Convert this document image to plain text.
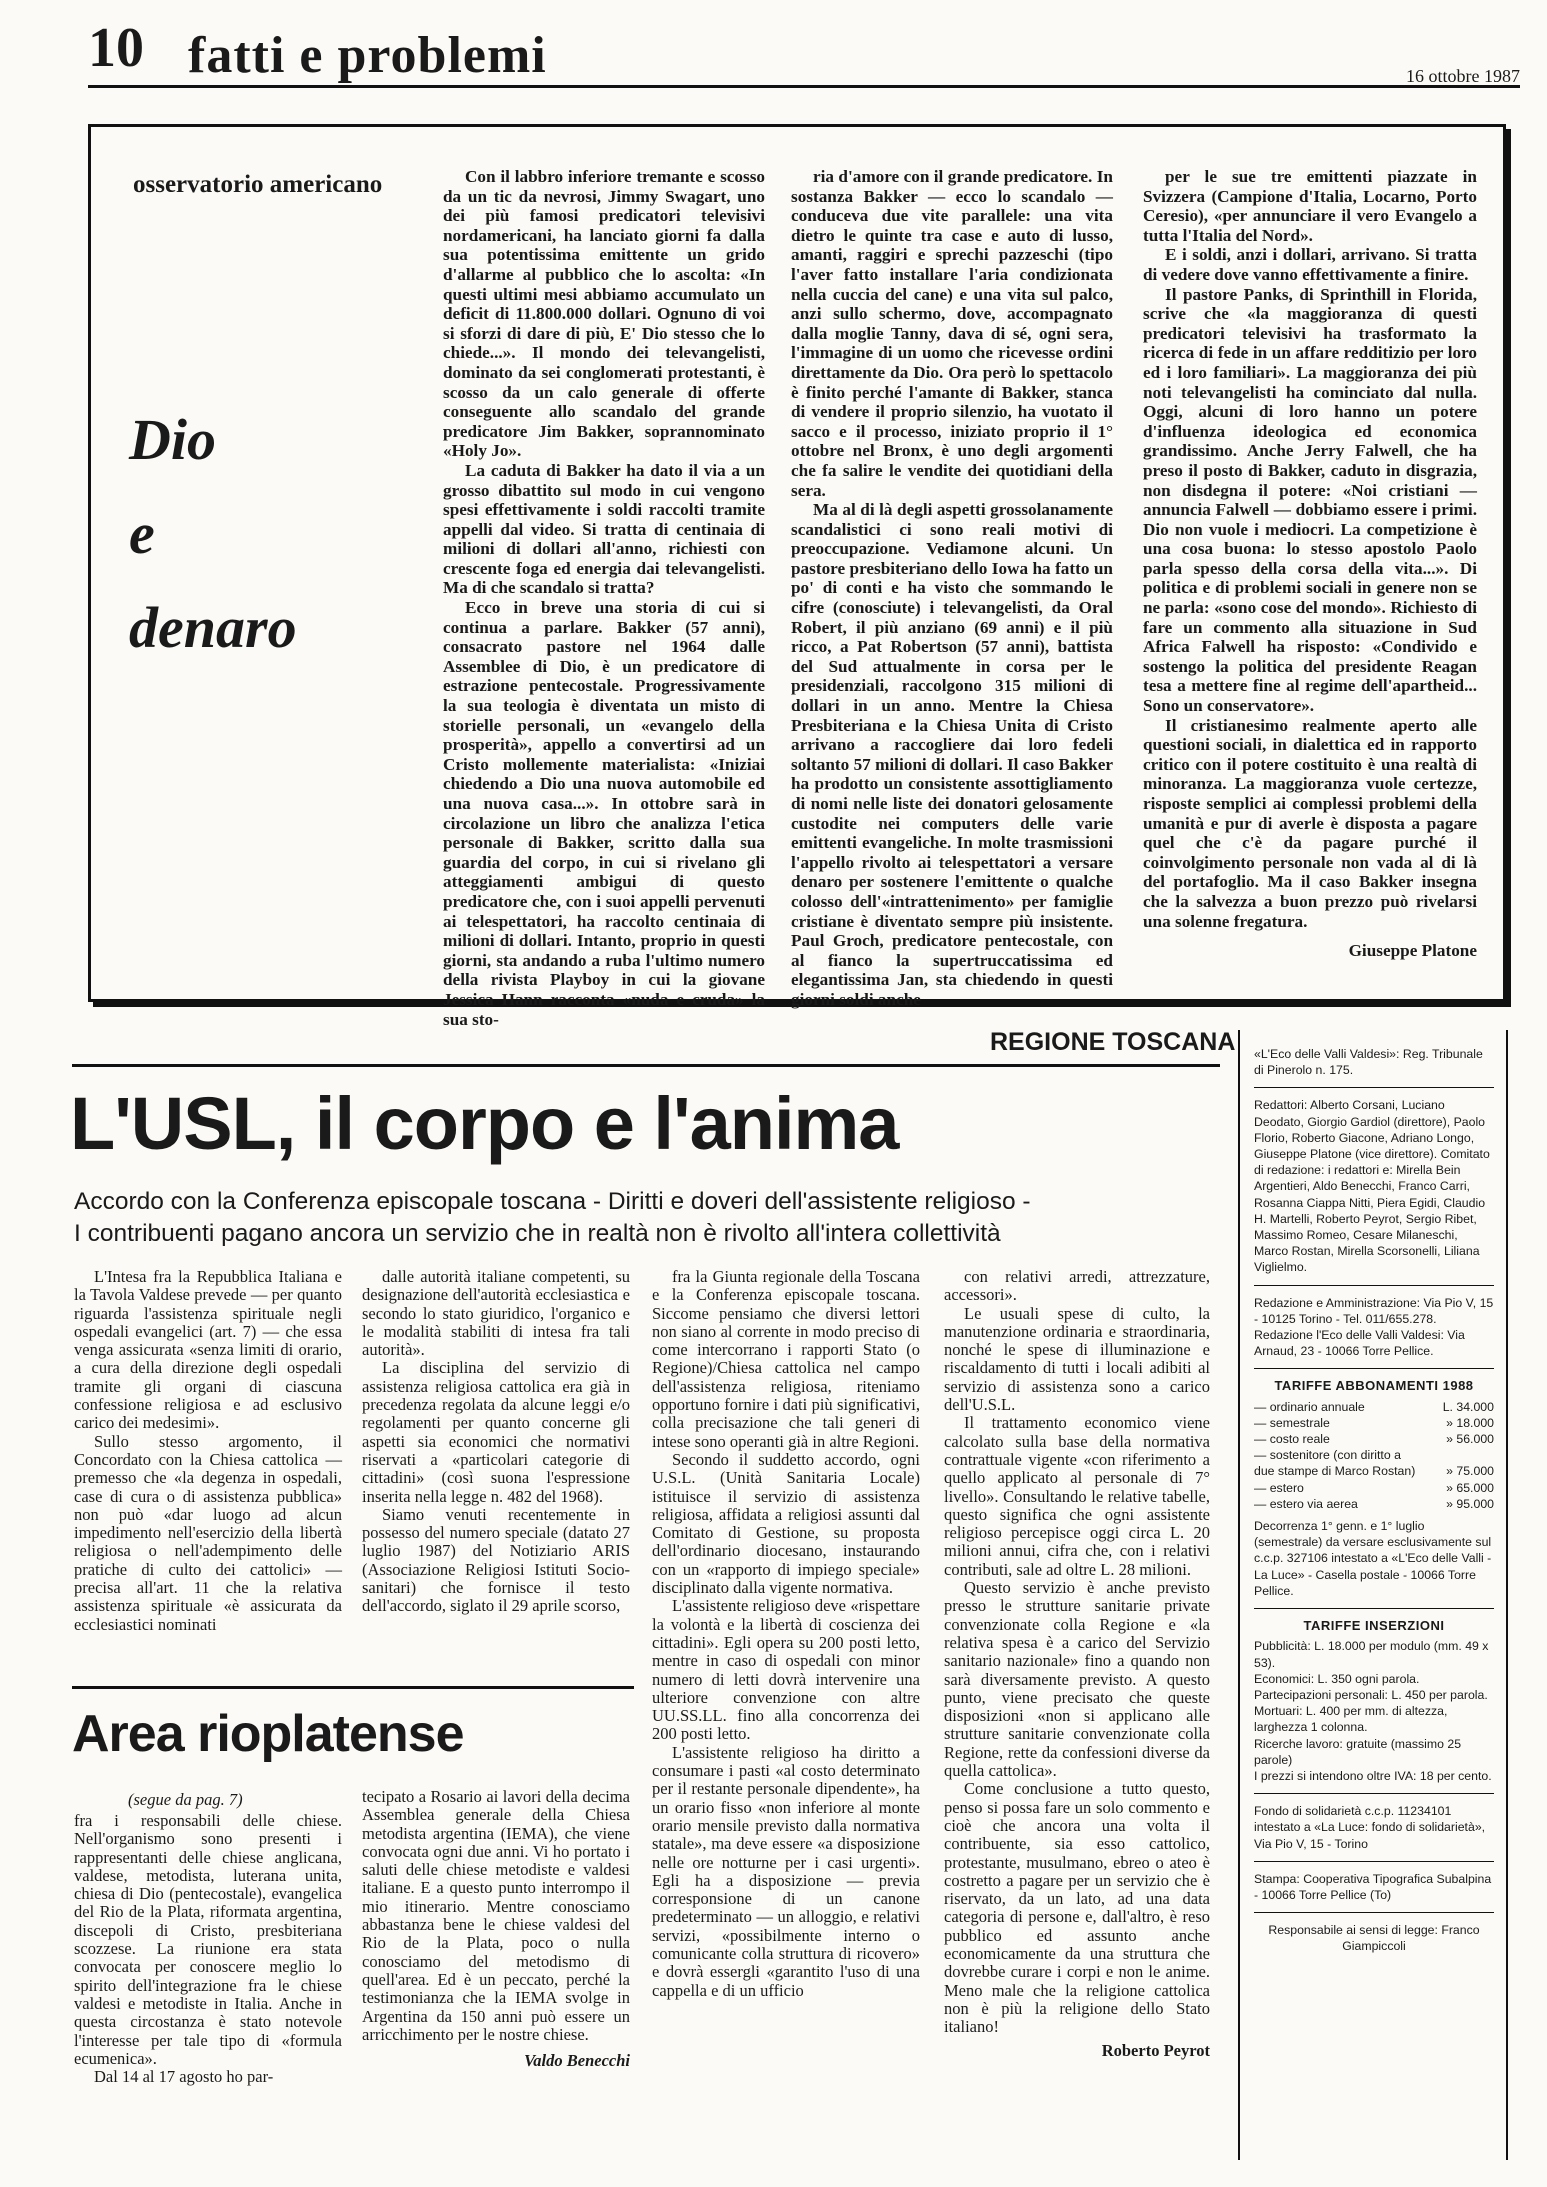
10 fatti e problemi	16 ottobre 1987
osservatorio americano
Dio
e
denaro

Con il labbro inferiore tremante e scosso da un tic da nevrosi, Jimmy Swagart, uno dei più famosi predicatori televisivi nordamericani, ha lanciato giorni fa dalla sua potentissima emittente un grido d'allarme al pubblico che lo ascolta: «In questi ultimi mesi abbiamo accumulato un deficit di 11.800.000 dollari. Ognuno di voi si sforzi di dare di più, E' Dio stesso che lo chiede...». Il mondo dei televangelisti, dominato da sei conglomerati protestanti, è scosso da un calo generale di offerte conseguente allo scandalo del grande predicatore Jim Bakker, soprannominato «Holy Jo».

La caduta di Bakker ha dato il via a un grosso dibattito sul modo in cui vengono spesi effettivamente i soldi raccolti tramite appelli dal video. Si tratta di centinaia di milioni di dollari all'anno, richiesti con crescente foga ed energia dai televangelisti. Ma di che scandalo si tratta?

Ecco in breve una storia di cui si continua a parlare. Bakker (57 anni), consacrato pastore nel 1964 dalle Assemblee di Dio, è un predicatore di estrazione pentecostale. Progressivamente la sua teologia è diventata un misto di storielle personali, un «evangelo della prosperità», appello a convertirsi ad un Cristo mollemente materialista: «Iniziai chiedendo a Dio una nuova automobile ed una nuova casa...». In ottobre sarà in circolazione un libro che analizza l'etica personale di Bakker, scritto dalla sua guardia del corpo, in cui si rivelano gli atteggiamenti ambigui di questo predicatore che, con i suoi appelli pervenuti ai telespettatori, ha raccolto centinaia di milioni di dollari. Intanto, proprio in questi giorni, sta andando a ruba l'ultimo numero della rivista Playboy in cui la giovane Jessica Hann racconta «nuda e cruda» la sua sto-

ria d'amore con il grande predicatore. In sostanza Bakker — ecco lo scandalo — conduceva due vite parallele: una vita dietro le quinte tra case e auto di lusso, amanti, raggiri e sprechi pazzeschi (tipo l'aver fatto installare l'aria condizionata nella cuccia del cane) e una vita sul palco, anzi sullo schermo, dove, accompagnato dalla moglie Tanny, dava di sé, ogni sera, l'immagine di un uomo che ricevesse ordini direttamente da Dio. Ora però lo spettacolo è finito perché l'amante di Bakker, stanca di vendere il proprio silenzio, ha vuotato il sacco e il processo, iniziato proprio il 1° ottobre nel Bronx, è uno degli argomenti che fa salire le vendite dei quotidiani della sera.

Ma al di là degli aspetti grossolanamente scandalistici ci sono reali motivi di preoccupazione. Vediamone alcuni. Un pastore presbiteriano dello Iowa ha fatto un po' di conti e ha visto che sommando le cifre (conosciute) i televangelisti, da Oral Robert, il più anziano (69 anni) e il più ricco, a Pat Robertson (57 anni), battista del Sud attualmente in corsa per le presidenziali, raccolgono 315 milioni di dollari in un anno. Mentre la Chiesa Presbiteriana e la Chiesa Unita di Cristo arrivano a raccogliere dai loro fedeli soltanto 57 milioni di dollari. Il caso Bakker ha prodotto un consistente assottigliamento di nomi nelle liste dei donatori gelosamente custodite nei computers delle varie emittenti evangeliche. In molte trasmissioni l'appello rivolto ai telespettatori a versare denaro per sostenere l'emittente o qualche colosso dell'«intrattenimento» per famiglie cristiane è diventato sempre più insistente. Paul Groch, predicatore pentecostale, con al fianco la supertruccatissima ed elegantissima Jan, sta chiedendo in questi giorni soldi anche

per le sue tre emittenti piazzate in Svizzera (Campione d'Italia, Locarno, Porto Ceresio), «per annunciare il vero Evangelo a tutta l'Italia del Nord».

E i soldi, anzi i dollari, arrivano. Si tratta di vedere dove vanno effettivamente a finire.

Il pastore Panks, di Sprinthill in Florida, scrive che «la maggioranza di questi predicatori televisivi ha trasformato la ricerca di fede in un affare redditizio per loro ed i loro familiari». La maggioranza dei più noti televangelisti ha cominciato dal nulla. Oggi, alcuni di loro hanno un potere d'influenza ideologica ed economica grandissimo. Anche Jerry Falwell, che ha preso il posto di Bakker, caduto in disgrazia, non disdegna il potere: «Noi cristiani — annuncia Falwell — dobbiamo essere i primi. Dio non vuole i mediocri. La competizione è una cosa buona: lo stesso apostolo Paolo parla spesso della corsa della vita...». Di politica e di problemi sociali in genere non se ne parla: «sono cose del mondo». Richiesto di fare un commento alla situazione in Sud Africa Falwell ha risposto: «Condivido e sostengo la politica del presidente Reagan tesa a mettere fine al regime dell'apartheid... Sono un conservatore».

Il cristianesimo realmente aperto alle questioni sociali, in dialettica ed in rapporto critico con il potere costituito è una realtà di minoranza. La maggioranza vuole certezze, risposte semplici ai complessi problemi della umanità e pur di averle è disposta a pagare quel che c'è da pagare purché il coinvolgimento personale non vada al di là del portafoglio. Ma il caso Bakker insegna che la salvezza a buon prezzo può rivelarsi una solenne fregatura.

Giuseppe Platone

REGIONE TOSCANA
L'USL, il corpo e l'anima
Accordo con la Conferenza episcopale toscana - Diritti e doveri dell'assistente religioso -
I contribuenti pagano ancora un servizio che in realtà non è rivolto all'intera collettività

L'Intesa fra la Repubblica Italiana e la Tavola Valdese prevede — per quanto riguarda l'assistenza spirituale negli ospedali evangelici (art. 7) — che essa venga assicurata «senza limiti di orario, a cura della direzione degli ospedali tramite gli organi di ciascuna confessione religiosa e ad esclusivo carico dei medesimi».

Sullo stesso argomento, il Concordato con la Chiesa cattolica — premesso che «la degenza in ospedali, case di cura o di assistenza pubblica» non può «dar luogo ad alcun impedimento nell'esercizio della libertà religiosa o nell'adempimento delle pratiche di culto dei cattolici» — precisa all'art. 11 che la relativa assistenza spirituale «è assicurata da ecclesiastici nominati

dalle autorità italiane competenti, su designazione dell'autorità ecclesiastica e secondo lo stato giuridico, l'organico e le modalità stabiliti di intesa fra tali autorità».

La disciplina del servizio di assistenza religiosa cattolica era già in precedenza regolata da alcune leggi e/o regolamenti per quanto concerne gli aspetti sia economici che normativi riservati a «particolari categorie di cittadini» (così suona l'espressione inserita nella legge n. 482 del 1968).

Siamo venuti recentemente in possesso del numero speciale (datato 27 luglio 1987) del Notiziario ARIS (Associazione Religiosi Istituti Socio-sanitari) che fornisce il testo dell'accordo, siglato il 29 aprile scorso,

fra la Giunta regionale della Toscana e la Conferenza episcopale toscana. Siccome pensiamo che diversi lettori non siano al corrente in modo preciso di come intercorrano i rapporti Stato (o Regione)/Chiesa cattolica nel campo dell'assistenza religiosa, riteniamo opportuno fornire i dati più significativi, colla precisazione che tali generi di intese sono operanti già in altre Regioni.

Secondo il suddetto accordo, ogni U.S.L. (Unità Sanitaria Locale) istituisce il servizio di assistenza religiosa, affidata a religiosi assunti dal Comitato di Gestione, su proposta dell'ordinario diocesano, instaurando con un «rapporto di impiego speciale» disciplinato dalla vigente normativa.

L'assistente religioso deve «rispettare la volontà e la libertà di coscienza dei cittadini». Egli opera su 200 posti letto, mentre in caso di ospedali con minor numero di letti dovrà intervenire una ulteriore convenzione con altre UU.SS.LL. fino alla concorrenza dei 200 posti letto.

L'assistente religioso ha diritto a consumare i pasti «al costo determinato per il restante personale dipendente», ha un orario fisso «non inferiore al monte orario mensile previsto dalla normativa statale», ma deve essere «a disposizione nelle ore notturne per i casi urgenti». Egli ha a disposizione — previa corresponsione di un canone predeterminato — un alloggio, e relativi servizi, «possibilmente interno o comunicante colla struttura di ricovero» e dovrà essergli «garantito l'uso di una cappella e di un ufficio

con relativi arredi, attrezzature, accessori».

Le usuali spese di culto, la manutenzione ordinaria e straordinaria, nonché le spese di illuminazione e riscaldamento di tutti i locali adibiti al servizio di assistenza sono a carico dell'U.S.L.

Il trattamento economico viene calcolato sulla base della normativa contrattuale vigente «con riferimento a quello applicato al personale di 7° livello». Consultando le relative tabelle, questo significa che ogni assistente religioso percepisce oggi circa L. 20 milioni annui, cifra che, con i relativi contributi, sale ad oltre L. 28 milioni.

Questo servizio è anche previsto presso le strutture sanitarie private convenzionate colla Regione e «la relativa spesa è a carico del Servizio sanitario nazionale» fino a quando non sarà diversamente previsto. A questo punto, viene precisato che queste disposizioni «non si applicano alle strutture sanitarie convenzionate colla Regione, rette da confessioni diverse da quella cattolica».

Come conclusione a tutto questo, penso si possa fare un solo commento e cioè che ancora una volta il contribuente, sia esso cattolico, protestante, musulmano, ebreo o ateo è costretto a pagare per un servizio che è riservato, da un lato, ad una data categoria di persone e, dall'altro, è reso pubblico ed assunto anche economicamente da una struttura che dovrebbe curare i corpi e non le anime. Meno male che la religione cattolica non è più la religione dello Stato italiano!

Roberto Peyrot

Area rioplatense
(segue da pag. 7)

fra i responsabili delle chiese. Nell'organismo sono presenti i rappresentanti delle chiese anglicana, valdese, metodista, luterana unita, chiesa di Dio (pentecostale), evangelica del Rio de la Plata, riformata argentina, discepoli di Cristo, presbiteriana scozzese. La riunione era stata convocata per conoscere meglio lo spirito dell'integrazione fra le chiese valdesi e metodiste in Italia. Anche in questa circostanza è stato notevole l'interesse per tale tipo di «formula ecumenica».

Dal 14 al 17 agosto ho par-

tecipato a Rosario ai lavori della decima Assemblea generale della Chiesa metodista argentina (IEMA), che viene convocata ogni due anni. Vi ho portato i saluti delle chiese metodiste e valdesi italiane. E a questo punto interrompo il mio itinerario. Mentre conosciamo abbastanza bene le chiese valdesi del Rio de la Plata, poco o nulla conosciamo del metodismo di quell'area. Ed è un peccato, perché la testimonianza che la IEMA svolge in Argentina da 150 anni può essere un arricchimento per le nostre chiese.

Valdo Benecchi

«L'Eco delle Valli Valdesi»: Reg. Tribunale di Pinerolo n. 175.
Redattori: Alberto Corsani, Luciano Deodato, Giorgio Gardiol (direttore), Paolo Florio, Roberto Giacone, Adriano Longo, Giuseppe Platone (vice direttore). Comitato di redazione: i redattori e: Mirella Bein Argentieri, Aldo Benecchi, Franco Carri, Rosanna Ciappa Nitti, Piera Egidi, Claudio H. Martelli, Roberto Peyrot, Sergio Ribet, Massimo Romeo, Cesare Milaneschi, Marco Rostan, Mirella Scorsonelli, Liliana Viglielmo.
Redazione e Amministrazione: Via Pio V, 15 - 10125 Torino - Tel. 011/655.278.
Redazione l'Eco delle Valli Valdesi: Via Arnaud, 23 - 10066 Torre Pellice.
TARIFFE ABBONAMENTI 1988
— ordinario annuale	L. 34.000
— semestrale	» 18.000
— costo reale	» 56.000
— sostenitore (con diritto a due stampe di Marco Rostan)	» 75.000
— estero	» 65.000
— estero via aerea	» 95.000
Decorrenza 1° genn. e 1° luglio (semestrale) da versare esclusivamente sul c.c.p. 327106 intestato a «L'Eco delle Valli - La Luce» - Casella postale - 10066 Torre Pellice.
TARIFFE INSERZIONI
Pubblicità: L. 18.000 per modulo (mm. 49 x 53).
Economici: L. 350 ogni parola.
Partecipazioni personali: L. 450 per parola.
Mortuari: L. 400 per mm. di altezza, larghezza 1 colonna.
Ricerche lavoro: gratuite (massimo 25 parole)
I prezzi si intendono oltre IVA: 18 per cento.
Fondo di solidarietà c.c.p. 11234101 intestato a «La Luce: fondo di solidarietà», Via Pio V, 15 - Torino
Stampa: Cooperativa Tipografica Subalpina - 10066 Torre Pellice (To)
Responsabile ai sensi di legge: Franco Giampiccoli
